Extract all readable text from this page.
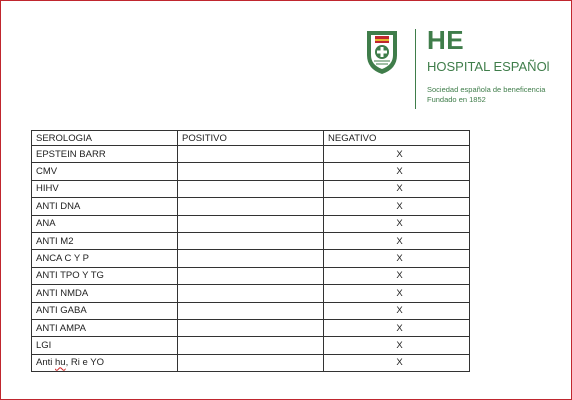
HE
HOSPITAL ESPAÑOl
Sociedad española de beneficencia
Fundado en 1852
SEROLOGIA	POSITIVO	NEGATIVO
EPSTEIN BARR		X
CMV		X
HIHV		X
ANTI DNA		X
ANA		X
ANTI M2		X
ANCA C Y P		X
ANTI TPO Y TG		X
ANTI NMDA		X
ANTI GABA		X
ANTI AMPA		X
LGI		X
Anti hu, Ri e YO		X
